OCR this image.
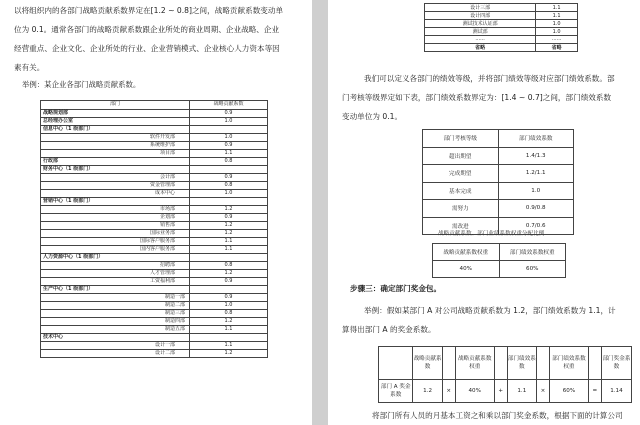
以将组织内的各部门战略贡献系数界定在[1.2 ~ 0.8]之间，战略贡献系数变动单
位为 0.1。通常各部门的战略贡献系数跟企业所处的商业周期、企业战略、企业
经营重点、企业文化、企业所处的行业、企业营销模式、企业核心人力资本等因
素有关。
举例：某企业各部门战略贡献系数。
部门	战略贡献系数
战略规划部	0.9
总经理办公室	1.0
信息中心（1 级部门）	
软件开发部	1.0
系统维护部	0.9
项目部	1.1
行政部	0.8
财务中心（1 级部门）	
会计部	0.9
资金管理部	0.8
成本中心	1.0
营销中心（1 级部门）	
市场部	1.2
企划部	0.9
销售部	1.2
国际业务部	1.2
国际客户服务部	1.1
国内客户服务部	1.1
人力资源中心（1 级部门）	
招聘部	0.8
人才管理部	1.2
工资福利部	0.9
生产中心（1 级部门）	
制造一部	0.9
制造二部	1.0
制造三部	0.8
制造四部	1.2
制造五部	1.1
技术中心	
设计一部	1.1
设计二部	1.2
设计三部	1.1
设计四部	1.1
测试技术认证部	1.0
测试部	1.0
······	······
省略	省略
我们可以定义各部门的绩效等级，并将部门绩效等级对应部门绩效系数。部
门考核等级界定如下表，部门绩效系数界定为：[1.4 ~ 0.7]之间，部门绩效系数
变动单位为 0.1。
部门考核等级	部门绩效系数
超出期望	1.4/1.3
完成期望	1.2/1.1
基本完成	1.0
需努力	0.9/0.8
需改进	0.7/0.6
战略贡献系数、部门业绩系数权重分配比例
战略贡献系数权重	部门绩效系数权重
40%	60%
步骤三：确定部门奖金包。
举例：假如某部门 A 对公司战略贡献系数为 1.2，部门绩效系数为 1.1，计
算得出部门 A 的奖金系数。
	战略贡献系数		战略贡献系数权重		部门绩效系数		部门绩效系数权重		部门奖金系数
部门 A 奖金系数	1.2	×	40%	+	1.1	×	60%	=	1.14
将部门所有人员的月基本工资之和乘以部门奖金系数，根据下面的计算公司
